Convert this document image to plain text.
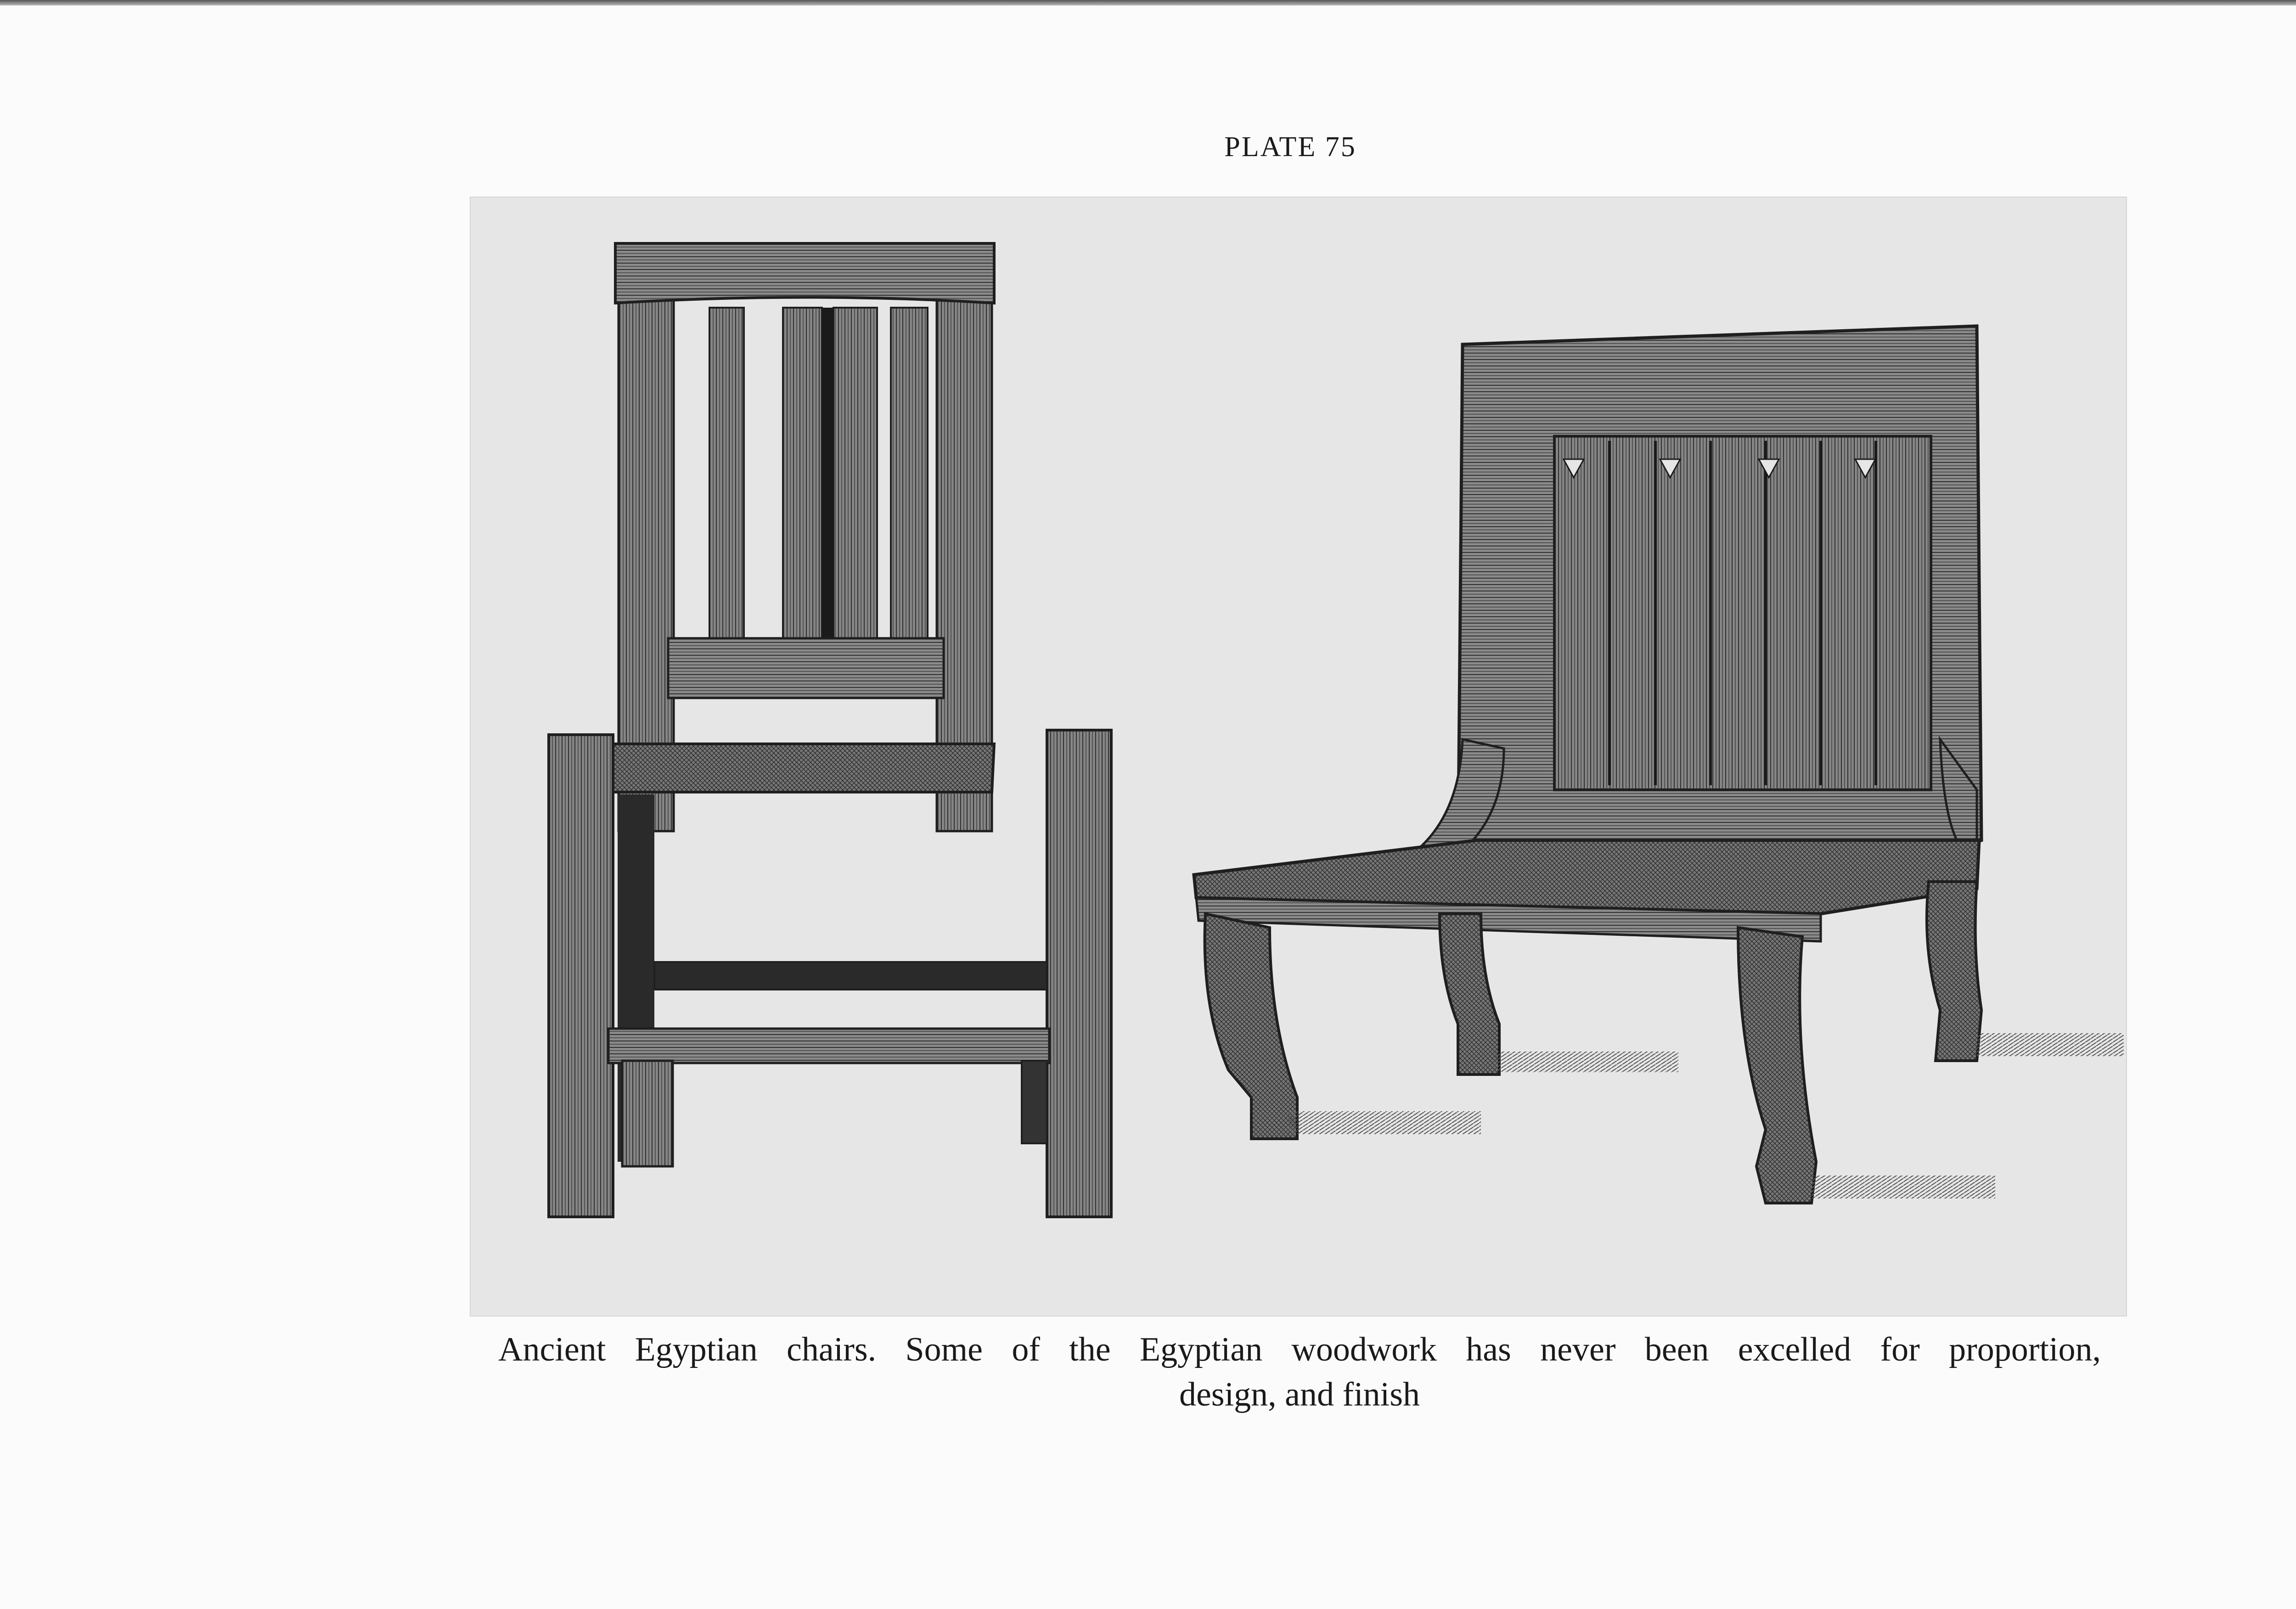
PLATE 75
Ancient Egyptian chairs. Some of the Egyptian woodwork has never been excelled for proportion,
design, and finish
